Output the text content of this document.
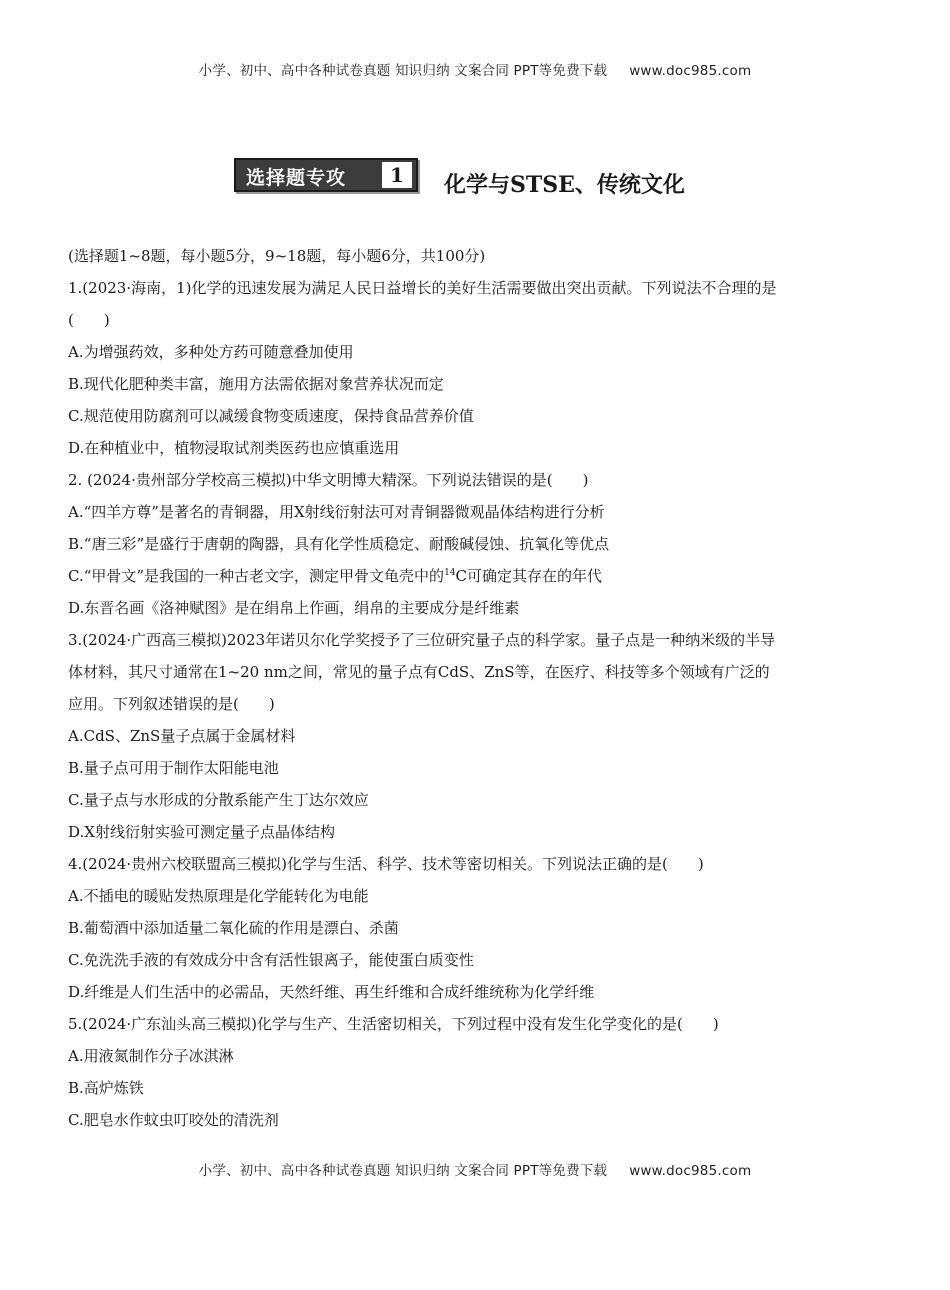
小学、初中、高中各种试卷真题 知识归纳 文案合同 PPT等免费下载 www.doc985.com
选择题专攻	1	化学与STSE、传统文化
(选择题1~8题，每小题5分，9~18题，每小题6分，共100分)
1.(2023·海南，1)化学的迅速发展为满足人民日益增长的美好生活需要做出突出贡献。下列说法不合理的是
(　　)
A.为增强药效，多种处方药可随意叠加使用
B.现代化肥种类丰富，施用方法需依据对象营养状况而定
C.规范使用防腐剂可以减缓食物变质速度，保持食品营养价值
D.在种植业中，植物浸取试剂类医药也应慎重选用
2. (2024·贵州部分学校高三模拟)中华文明博大精深。下列说法错误的是(　　)
A.“四羊方尊”是著名的青铜器，用X射线衍射法可对青铜器微观晶体结构进行分析
B.“唐三彩”是盛行于唐朝的陶器，具有化学性质稳定、耐酸碱侵蚀、抗氧化等优点
C.“甲骨文”是我国的一种古老文字，测定甲骨文龟壳中的$^{14}$C可确定其存在的年代
D.东晋名画《洛神赋图》是在绢帛上作画，绢帛的主要成分是纤维素
3.(2024·广西高三模拟)2023年诺贝尔化学奖授予了三位研究量子点的科学家。量子点是一种纳米级的半导
体材料，其尺寸通常在1~20 nm之间，常见的量子点有CdS、ZnS等，在医疗、科技等多个领域有广泛的
应用。下列叙述错误的是(　　)
A.CdS、ZnS量子点属于金属材料
B.量子点可用于制作太阳能电池
C.量子点与水形成的分散系能产生丁达尔效应
D.X射线衍射实验可测定量子点晶体结构
4.(2024·贵州六校联盟高三模拟)化学与生活、科学、技术等密切相关。下列说法正确的是(　　)
A.不插电的暖贴发热原理是化学能转化为电能
B.葡萄酒中添加适量二氧化硫的作用是漂白、杀菌
C.免洗洗手液的有效成分中含有活性银离子，能使蛋白质变性
D.纤维是人们生活中的必需品，天然纤维、再生纤维和合成纤维统称为化学纤维
5.(2024·广东汕头高三模拟)化学与生产、生活密切相关，下列过程中没有发生化学变化的是(　　)
A.用液氮制作分子冰淇淋
B.高炉炼铁
C.肥皂水作蚊虫叮咬处的清洗剂
小学、初中、高中各种试卷真题 知识归纳 文案合同 PPT等免费下载 www.doc985.com
